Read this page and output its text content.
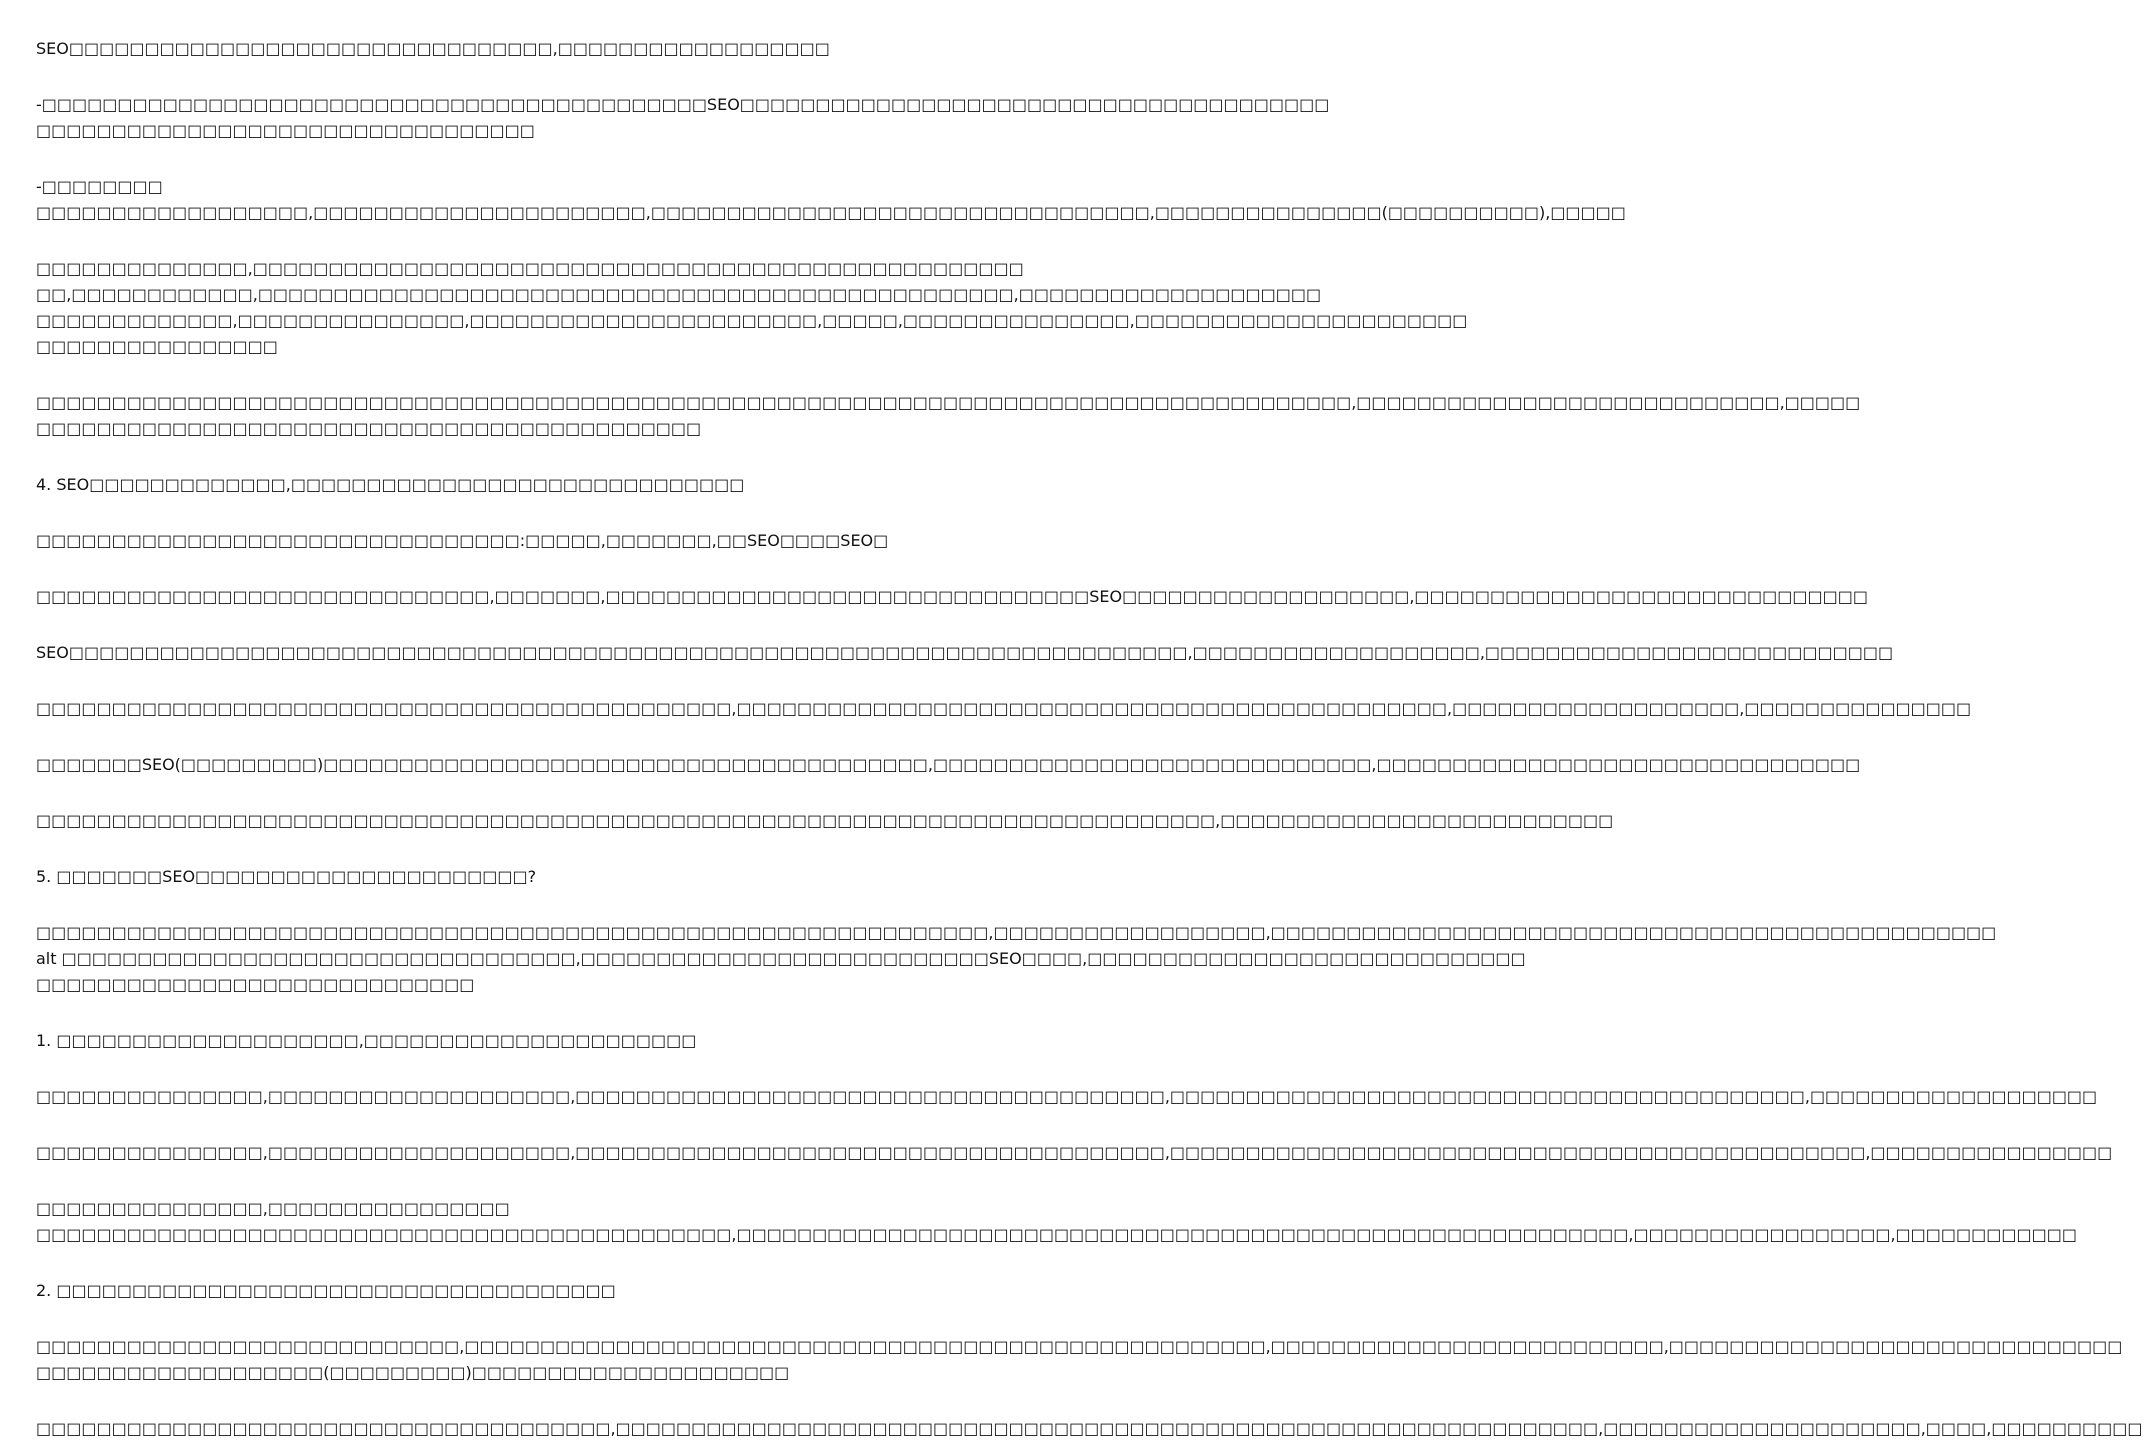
SEO□□□□□□□□□□□□□□□□□□□□□□□□□□□□□□□□,□□□□□□□□□□□□□□□□□□
-□□□□□□□□□□□□□□□□□□□□□□□□□□□□□□□□□□□□□□□□□□□□SEO□□□□□□□□□□□□□□□□□□□□□□□□□□□□□□□□□□□□□□□
□□□□□□□□□□□□□□□□□□□□□□□□□□□□□□□□□
-□□□□□□□□
□□□□□□□□□□□□□□□□□□,□□□□□□□□□□□□□□□□□□□□□□,□□□□□□□□□□□□□□□□□□□□□□□□□□□□□□□□□,□□□□□□□□□□□□□□□(□□□□□□□□□□),□□□□□
□□□□□□□□□□□□□□,□□□□□□□□□□□□□□□□□□□□□□□□□□□□□□□□□□□□□□□□□□□□□□□□□□□
□□,□□□□□□□□□□□□,□□□□□□□□□□□□□□□□□□□□□□□□□□□□□□□□□□□□□□□□□□□□□□□□□□,□□□□□□□□□□□□□□□□□□□□
□□□□□□□□□□□□□,□□□□□□□□□□□□□□□,□□□□□□□□□□□□□□□□□□□□□□□,□□□□□,□□□□□□□□□□□□□□□,□□□□□□□□□□□□□□□□□□□□□□
□□□□□□□□□□□□□□□□
□□□□□□□□□□□□□□□□□□□□□□□□□□□□□□□□□□□□□□□□□□□□□□□□□□□□□□□□□□□□□□□□□□□□□□□□□□□□□□□□□□□□□□□,□□□□□□□□□□□□□□□□□□□□□□□□□□□□,□□□□□
□□□□□□□□□□□□□□□□□□□□□□□□□□□□□□□□□□□□□□□□□□□□
4. SEO□□□□□□□□□□□□□,□□□□□□□□□□□□□□□□□□□□□□□□□□□□□□
□□□□□□□□□□□□□□□□□□□□□□□□□□□□□□□□:□□□□□,□□□□□□□,□□SEO□□□□SEO□
□□□□□□□□□□□□□□□□□□□□□□□□□□□□□□,□□□□□□□,□□□□□□□□□□□□□□□□□□□□□□□□□□□□□□□□SEO□□□□□□□□□□□□□□□□□□□,□□□□□□□□□□□□□□□□□□□□□□□□□□□□□□
SEO□□□□□□□□□□□□□□□□□□□□□□□□□□□□□□□□□□□□□□□□□□□□□□□□□□□□□□□□□□□□□□□□□□□□□□□□□□,□□□□□□□□□□□□□□□□□□□,□□□□□□□□□□□□□□□□□□□□□□□□□□□
□□□□□□□□□□□□□□□□□□□□□□□□□□□□□□□□□□□□□□□□□□□□□□,□□□□□□□□□□□□□□□□□□□□□□□□□□□□□□□□□□□□□□□□□□□□□□□,□□□□□□□□□□□□□□□□□□□,□□□□□□□□□□□□□□□
□□□□□□□SEO(□□□□□□□□□)□□□□□□□□□□□□□□□□□□□□□□□□□□□□□□□□□□□□□□□□,□□□□□□□□□□□□□□□□□□□□□□□□□□□□□,□□□□□□□□□□□□□□□□□□□□□□□□□□□□□□□□
□□□□□□□□□□□□□□□□□□□□□□□□□□□□□□□□□□□□□□□□□□□□□□□□□□□□□□□□□□□□□□□□□□□□□□□□□□□□□□,□□□□□□□□□□□□□□□□□□□□□□□□□□
5. □□□□□□□SEO□□□□□□□□□□□□□□□□□□□□□□?
□□□□□□□□□□□□□□□□□□□□□□□□□□□□□□□□□□□□□□□□□□□□□□□□□□□□□□□□□□□□□□□,□□□□□□□□□□□□□□□□□□,□□□□□□□□□□□□□□□□□□□□□□□□□□□□□□□□□□□□□□□□□□□□□□□□
alt □□□□□□□□□□□□□□□□□□□□□□□□□□□□□□□□□□,□□□□□□□□□□□□□□□□□□□□□□□□□□□SEO□□□□,□□□□□□□□□□□□□□□□□□□□□□□□□□□□□
□□□□□□□□□□□□□□□□□□□□□□□□□□□□□
1. □□□□□□□□□□□□□□□□□□□□,□□□□□□□□□□□□□□□□□□□□□□
□□□□□□□□□□□□□□□,□□□□□□□□□□□□□□□□□□□□,□□□□□□□□□□□□□□□□□□□□□□□□□□□□□□□□□□□□□□□,□□□□□□□□□□□□□□□□□□□□□□□□□□□□□□□□□□□□□□□□□□,□□□□□□□□□□□□□□□□□□□
□□□□□□□□□□□□□□□,□□□□□□□□□□□□□□□□□□□□,□□□□□□□□□□□□□□□□□□□□□□□□□□□□□□□□□□□□□□□,□□□□□□□□□□□□□□□□□□□□□□□□□□□□□□□□□□□□□□□□□□□□□□,□□□□□□□□□□□□□□□□
□□□□□□□□□□□□□□□,□□□□□□□□□□□□□□□□
□□□□□□□□□□□□□□□□□□□□□□□□□□□□□□□□□□□□□□□□□□□□□□,□□□□□□□□□□□□□□□□□□□□□□□□□□□□□□□□□□□□□□□□□□□□□□□□□□□□□□□□□□□,□□□□□□□□□□□□□□□□□,□□□□□□□□□□□□
2. □□□□□□□□□□□□□□□□□□□□□□□□□□□□□□□□□□□□□
□□□□□□□□□□□□□□□□□□□□□□□□□□□□,□□□□□□□□□□□□□□□□□□□□□□□□□□□□□□□□□□□□□□□□□□□□□□□□□□□□□,□□□□□□□□□□□□□□□□□□□□□□□□□□,□□□□□□□□□□□□□□□□□□□□□□□□□□□□□□
□□□□□□□□□□□□□□□□□□□(□□□□□□□□□)□□□□□□□□□□□□□□□□□□□□□
□□□□□□□□□□□□□□□□□□□□□□□□□□□□□□□□□□□□□□,□□□□□□□□□□□□□□□□□□□□□□□□□□□□□□□□□□□□□□□□□□□□□□□□□□□□□□□□□□□□□□□□□,□□□□□□□□□□□□□□□□□□□□□,□□□□,□□□□□□□□□□
